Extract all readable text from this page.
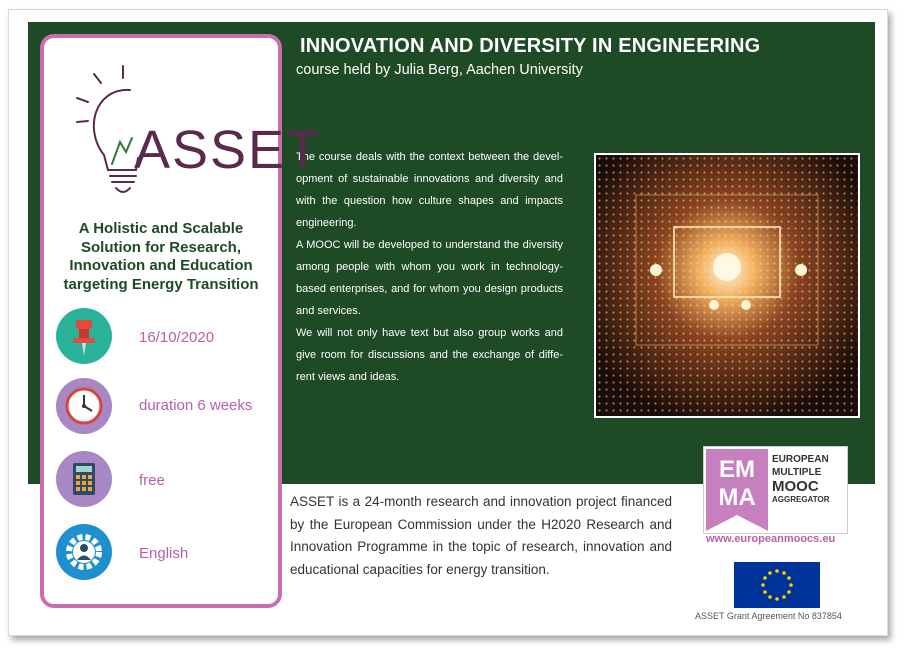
INNOVATION AND DIVERSITY IN ENGINEERING
course held by Julia Berg, Aachen University

The course deals with the context between the development of sustainable innovations and diversity and with the question how culture shapes and impacts engineering.

A MOOC will be developed to understand the diversity among people with whom you work in technology-based enterprises, and for whom you design products and services.

We will not only have text but also group works and give room for discussions and the exchange of different views and ideas.

ASSET
A Holistic and Scalable
Solution for Research,
Innovation and Education
targeting Energy Transition
16/10/2020
duration 6 weeks
free
English
ASSET is a 24-month research and innovation project financed by the European Commission under the H2020 Research and Innovation Programme in the topic of research, innovation and educational capacities for energy transition.
EM
MA
EUROPEAN
MULTIPLE
MOOC
AGGREGATOR
www.europeanmoocs.eu
ASSET Grant Agreement No 837854
